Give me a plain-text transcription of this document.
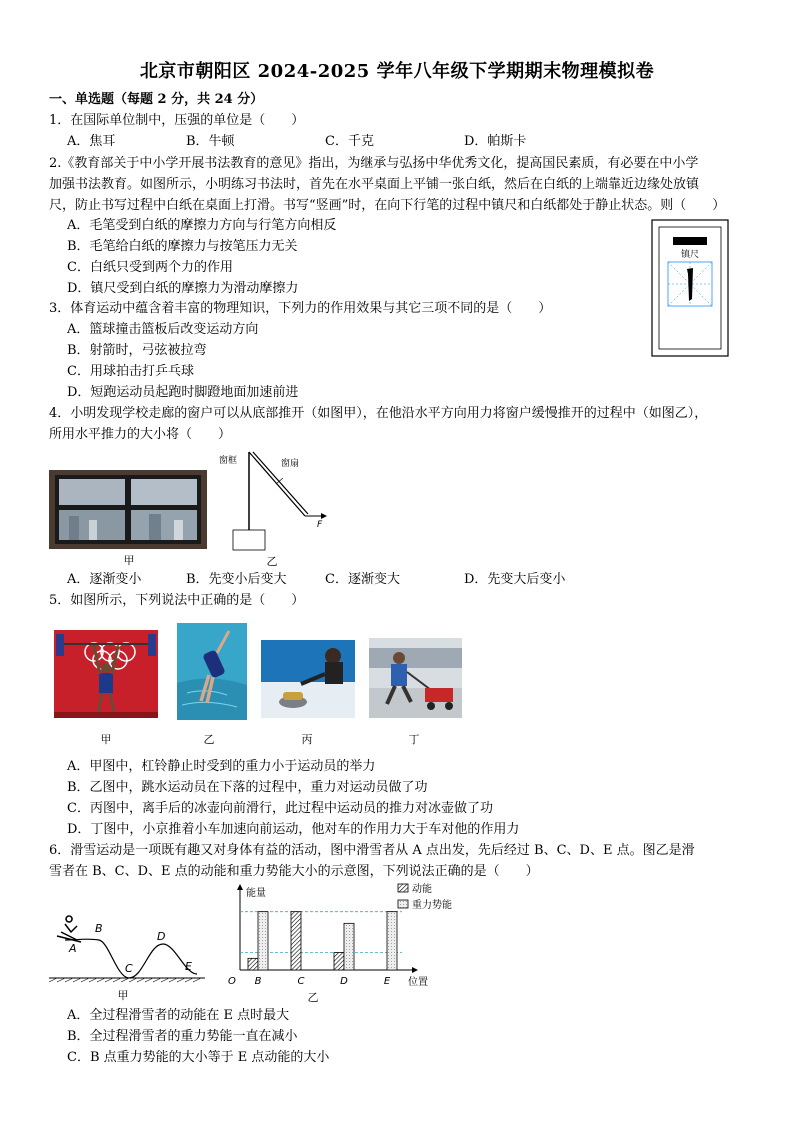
北京市朝阳区 2024-2025 学年八年级下学期期末物理模拟卷
一、单选题（每题 2 分，共 24 分）
1．在国际单位制中，压强的单位是（　　）
A．焦耳	B．牛顿	C．千克	D．帕斯卡
2.《教育部关于中小学开展书法教育的意见》指出，为继承与弘扬中华优秀文化，提高国民素质，有必要在中小学
加强书法教育。如图所示，小明练习书法时，首先在水平桌面上平铺一张白纸，然后在白纸的上端靠近边缘处放镇
尺，防止书写过程中白纸在桌面上打滑。书写“竖画”时，在向下行笔的过程中镇尺和白纸都处于静止状态。则（　　）
A．毛笔受到白纸的摩擦力方向与行笔方向相反
B．毛笔给白纸的摩擦力与按笔压力无关
C．白纸只受到两个力的作用
D．镇尺受到白纸的摩擦力为滑动摩擦力
镇尺
3．体育运动中蕴含着丰富的物理知识，下列力的作用效果与其它三项不同的是（　　）
A．篮球撞击篮板后改变运动方向
B．射箭时，弓弦被拉弯
C．用球拍击打乒乓球
D．短跑运动员起跑时脚蹬地面加速前进
4．小明发现学校走廊的窗户可以从底部推开（如图甲），在他沿水平方向用力将窗户缓慢推开的过程中（如图乙），
所用水平推力的大小将（　　）
甲
窗框	窗扇
F
乙
A．逐渐变小	B．先变小后变大	C．逐渐变大	D．先变大后变小
5．如图所示，下列说法中正确的是（　　）
甲	乙	丙	丁
A．甲图中，杠铃静止时受到的重力小于运动员的举力
B．乙图中，跳水运动员在下落的过程中，重力对运动员做了功
C．丙图中，离手后的冰壶向前滑行，此过程中运动员的推力对冰壶做了功
D．丁图中，小京推着小车加速向前运动，他对车的作用力大于车对他的作用力
6．滑雪运动是一项既有趣又对身体有益的活动，图中滑雪者从 A 点出发，先后经过 B、C、D、E 点。图乙是滑
雪者在 B、C、D、E 点的动能和重力势能大小的示意图，下列说法正确的是（　　）
A
B
C
D
E
甲
能量
位置
O B	C	D	E
动能
重力势能
乙
A．全过程滑雪者的动能在 E 点时最大
B．全过程滑雪者的重力势能一直在减小
C．B 点重力势能的大小等于 E 点动能的大小
